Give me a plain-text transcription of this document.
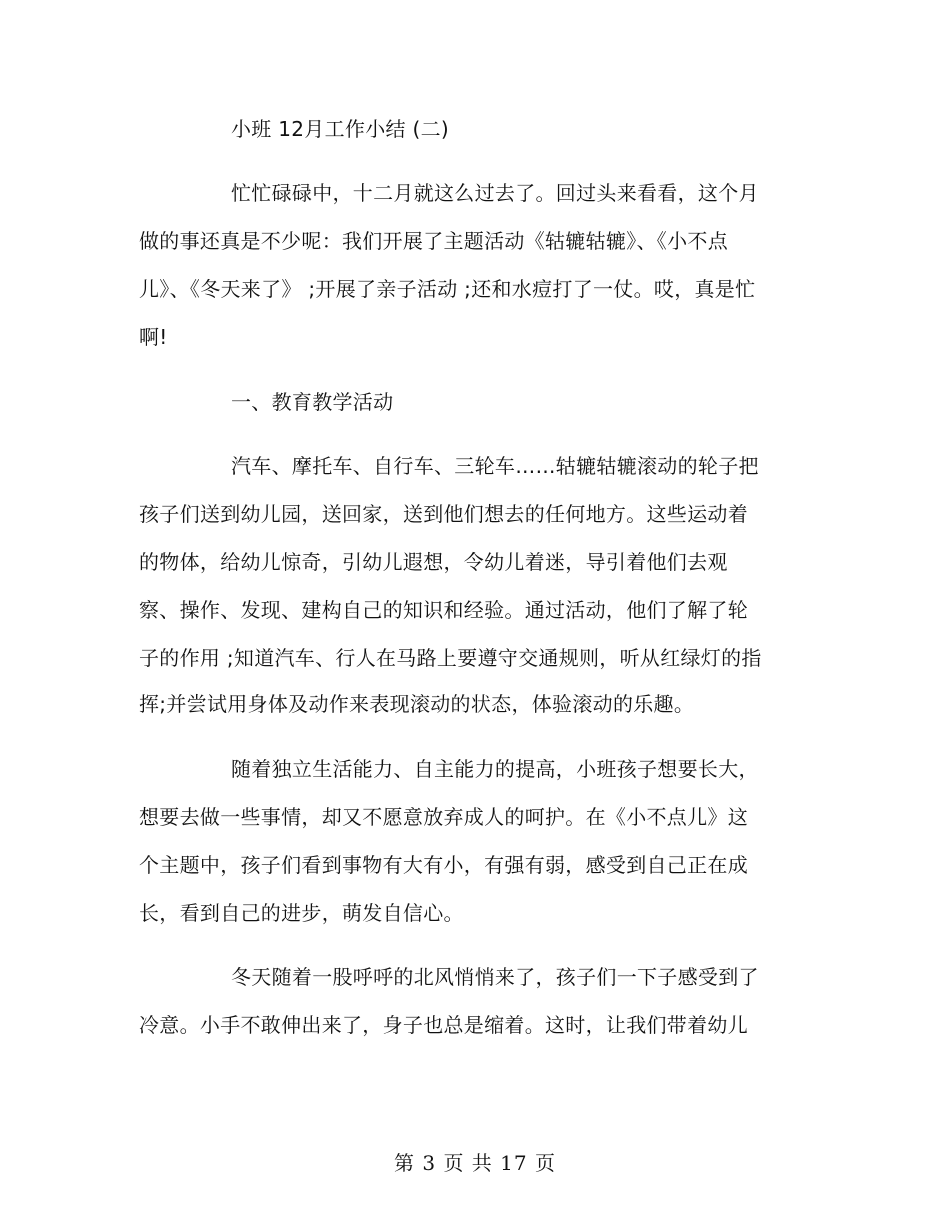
小班 12月工作小结 (二)
忙忙碌碌中，十二月就这么过去了。回过头来看看，这个月
做的事还真是不少呢：我们开展了主题活动《轱辘轱辘》、《小不点
儿》、《冬天来了》 ;开展了亲子活动 ;还和水痘打了一仗。哎，真是忙
啊!
一、教育教学活动
汽车、摩托车、自行车、三轮车……轱辘轱辘滚动的轮子把
孩子们送到幼儿园，送回家，送到他们想去的任何地方。这些运动着
的物体，给幼儿惊奇，引幼儿遐想，令幼儿着迷，导引着他们去观
察、操作、发现、建构自己的知识和经验。通过活动，他们了解了轮
子的作用 ;知道汽车、行人在马路上要遵守交通规则，听从红绿灯的指
挥;并尝试用身体及动作来表现滚动的状态，体验滚动的乐趣。
随着独立生活能力、自主能力的提高，小班孩子想要长大，
想要去做一些事情，却又不愿意放弃成人的呵护。在《小不点儿》这
个主题中，孩子们看到事物有大有小，有强有弱，感受到自己正在成
长，看到自己的进步，萌发自信心。
冬天随着一股呼呼的北风悄悄来了，孩子们一下子感受到了
冷意。小手不敢伸出来了，身子也总是缩着。这时，让我们带着幼儿
第 3 页 共 17 页
